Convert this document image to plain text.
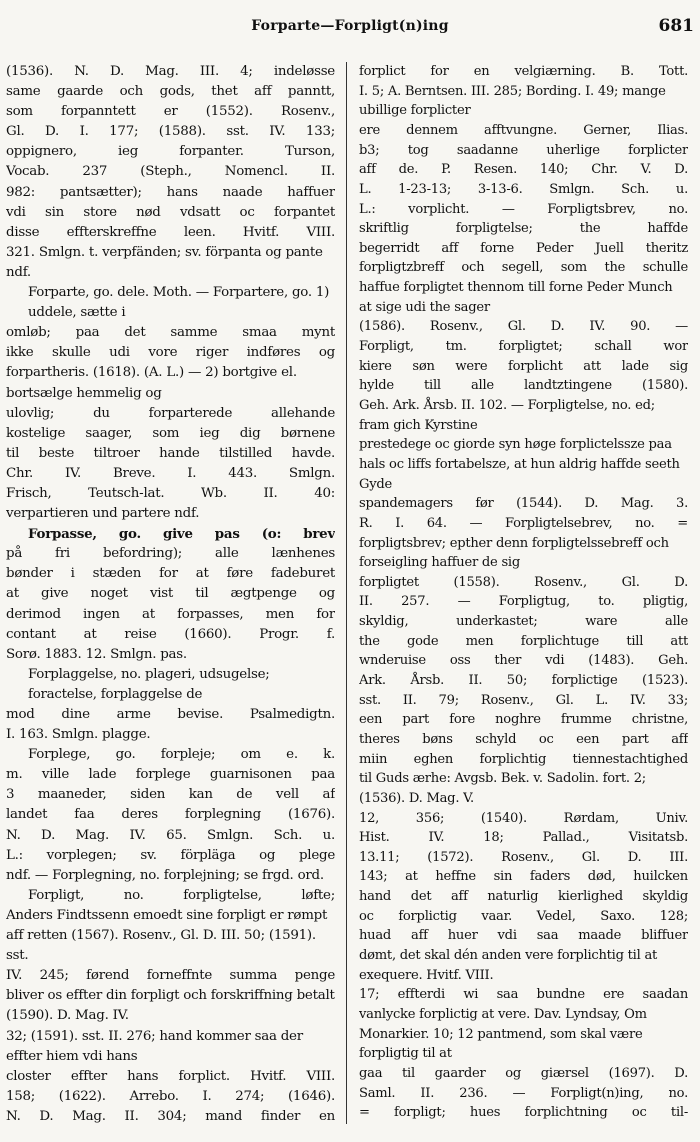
Forparte—Forpligt(n)ing	681
(1536). N. D. Mag. III. 4; indeløsse
same gaarde och gods, thet aff panntt,
som forpanntett er (1552). Rosenv.,
Gl. D. I. 177; (1588). sst. IV. 133;
oppignero, ieg forpanter. Turson,
Vocab. 237 (Steph., Nomencl. II.
982: pantsætter); hans naade haffuer
vdi sin store nød vdsatt oc forpantet
disse effterskreffne leen. Hvitf. VIII.
321. Smlgn. t. verpfänden; sv. förpanta og pante ndf.
Forparte, go. dele. Moth. — Forpartere, go. 1) uddele, sætte i
omløb; paa det samme smaa mynt
ikke skulle udi vore riger indføres og
forpartheris. (1618). (A. L.) — 2) bortgive el. bortsælge hemmelig og
ulovlig; du forparterede allehande
kostelige saager, som ieg dig børnene
til beste tiltroer hande tilstilled havde.
Chr. IV. Breve. I. 443. Smlgn.
Frisch, Teutsch-lat. Wb. II. 40:
verpartieren und partere ndf.
Forpasse, go. give pas (o: brev
på fri befordring); alle lænhenes
bønder i stæden for at føre fadeburet
at give noget vist til ægtpenge og
derimod ingen at forpasses, men for
contant at reise (1660). Progr. f.
Sorø. 1883. 12. Smlgn. pas.
Forplaggelse, no. plageri, udsugelse; foractelse, forplaggelse de
mod dine arme bevise. Psalmedigtn.
I. 163. Smlgn. plagge.
Forplege, go. forpleje; om e. k.
m. ville lade forplege guarnisonen paa
3 maaneder, siden kan de vell af
landet faa deres forplegning (1676).
N. D. Mag. IV. 65. Smlgn. Sch. u.
L.: vorplegen; sv. förpläga og plege
ndf. — Forplegning, no. forplejning; se frgd. ord.
Forpligt, no. forpligtelse, løfte;
Anders Findtssenn emoedt sine forpligt er rømpt aff retten (1567). Rosenv., Gl. D. III. 50; (1591). sst.
IV. 245; førend forneffnte summa penge
bliver os effter din forpligt och forskriffning betalt (1590). D. Mag. IV.
32; (1591). sst. II. 276; hand kommer saa der effter hiem vdi hans
closter effter hans forplict. Hvitf. VIII.
158; (1622). Arrebo. I. 274; (1646).
N. D. Mag. II. 304; mand finder en
forplict for en velgiærning. B. Tott.
I. 5; A. Berntsen. III. 285; Bording. I. 49; mange ubillige forplicter
ere dennem afftvungne. Gerner, Ilias.
b3; tog saadanne uherlige forplicter
aff de. P. Resen. 140; Chr. V. D.
L. 1-23-13; 3-13-6. Smlgn. Sch. u.
L.: vorplicht. — Forpligtsbrev, no.
skriftlig forpligtelse; the haffde
begerridt aff forne Peder Juell theritz
forpligtzbreff och segell, som the schulle
haffue forpligtet thennom till forne Peder Munch at sige udi the sager
(1586). Rosenv., Gl. D. IV. 90. —
Forpligt, tm. forpligtet; schall wor
kiere søn were forplicht att lade sig
hylde till alle landtztingene (1580).
Geh. Ark. Årsb. II. 102. — Forpligtelse, no. ed; fram gich Kyrstine
prestedege oc giorde syn høge forplictelssze paa hals oc liffs fortabelsze, at hun aldrig haffde seeth Gyde
spandemagers før (1544). D. Mag. 3.
R. I. 64. — Forpligtelsebrev, no. =
forpligtsbrev; epther denn forpligtelssebreff och forseigling haffuer de sig
forpligtet (1558). Rosenv., Gl. D.
II. 257. — Forpligtug, to. pligtig,
skyldig, underkastet; ware alle
the gode men forplichtuge till att
wnderuise oss ther vdi (1483). Geh.
Ark. Årsb. II. 50; forplictige (1523).
sst. II. 79; Rosenv., Gl. L. IV. 33;
een part fore noghre frumme christne,
theres bøns schyld oc een part aff
miin eghen forplichtig tiennestachtighed
til Guds ærhe: Avgsb. Bek. v. Sadolin. fort. 2; (1536). D. Mag. V.
12, 356; (1540). Rørdam, Univ.
Hist. IV. 18; Pallad., Visitatsb.
13.11; (1572). Rosenv., Gl. D. III.
143; at heffne sin faders død, huilcken
hand det aff naturlig kierlighed skyldig
oc forplictig vaar. Vedel, Saxo. 128;
huad aff huer vdi saa maade bliffuer
dømt, det skal dén anden vere forplichtig til at exequere. Hvitf. VIII.
17; effterdi wi saa bundne ere saadan
vanlycke forplictig at vere. Dav. Lyndsay, Om Monarkier. 10; 12 pantmend, som skal være forpligtig til at
gaa til gaarder og giærsel (1697). D.
Saml. II. 236. — Forpligt(n)ing, no.
= forpligt; hues forplichtning oc til-
